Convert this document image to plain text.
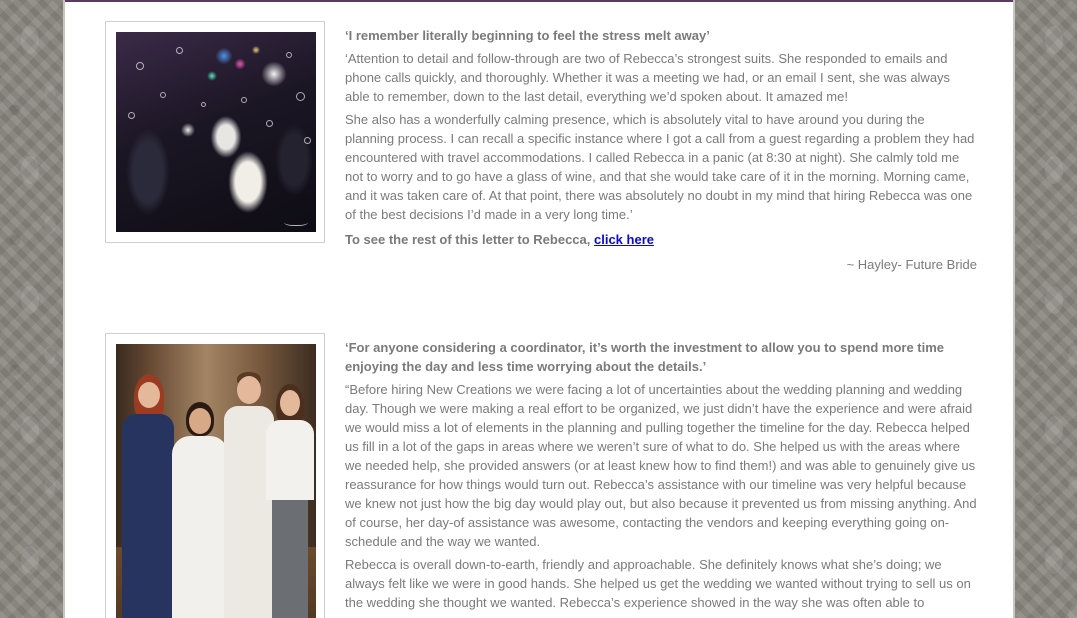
‘I remember literally beginning to feel the stress melt away’

‘Attention to detail and follow-through are two of Rebecca’s strongest suits. She responded to emails and phone calls quickly, and thoroughly. Whether it was a meeting we had, or an email I sent, she was always able to remember, down to the last detail, everything we’d spoken about. It amazed me!

She also has a wonderfully calming presence, which is absolutely vital to have around you during the planning process. I can recall a specific instance where I got a call from a guest regarding a problem they had encountered with travel accommodations. I called Rebecca in a panic (at 8:30 at night). She calmly told me not to worry and to go have a glass of wine, and that she would take care of it in the morning. Morning came, and it was taken care of. At that point, there was absolutely no doubt in my mind that hiring Rebecca was one of the best decisions I’d made in a very long time.’

To see the rest of this letter to Rebecca, click here

~ Hayley- Future Bride

‘For anyone considering a coordinator, it’s worth the investment to allow you to spend more time enjoying the day and less time worrying about the details.’

“Before hiring New Creations we were facing a lot of uncertainties about the wedding planning and wedding day. Though we were making a real effort to be organized, we just didn’t have the experience and were afraid we would miss a lot of elements in the planning and pulling together the timeline for the day. Rebecca helped us fill in a lot of the gaps in areas where we weren’t sure of what to do. She helped us with the areas where we needed help, she provided answers (or at least knew how to find them!) and was able to genuinely give us reassurance for how things would turn out. Rebecca’s assistance with our timeline was very helpful because we knew not just how the big day would play out, but also because it prevented us from missing anything. And of course, her day-of assistance was awesome, contacting the vendors and keeping everything going on-schedule and the way we wanted.

Rebecca is overall down-to-earth, friendly and approachable. She definitely knows what she’s doing; we always felt like we were in good hands. She helped us get the wedding we wanted without trying to sell us on the wedding she thought we wanted. Rebecca’s experience showed in the way she was often able to
